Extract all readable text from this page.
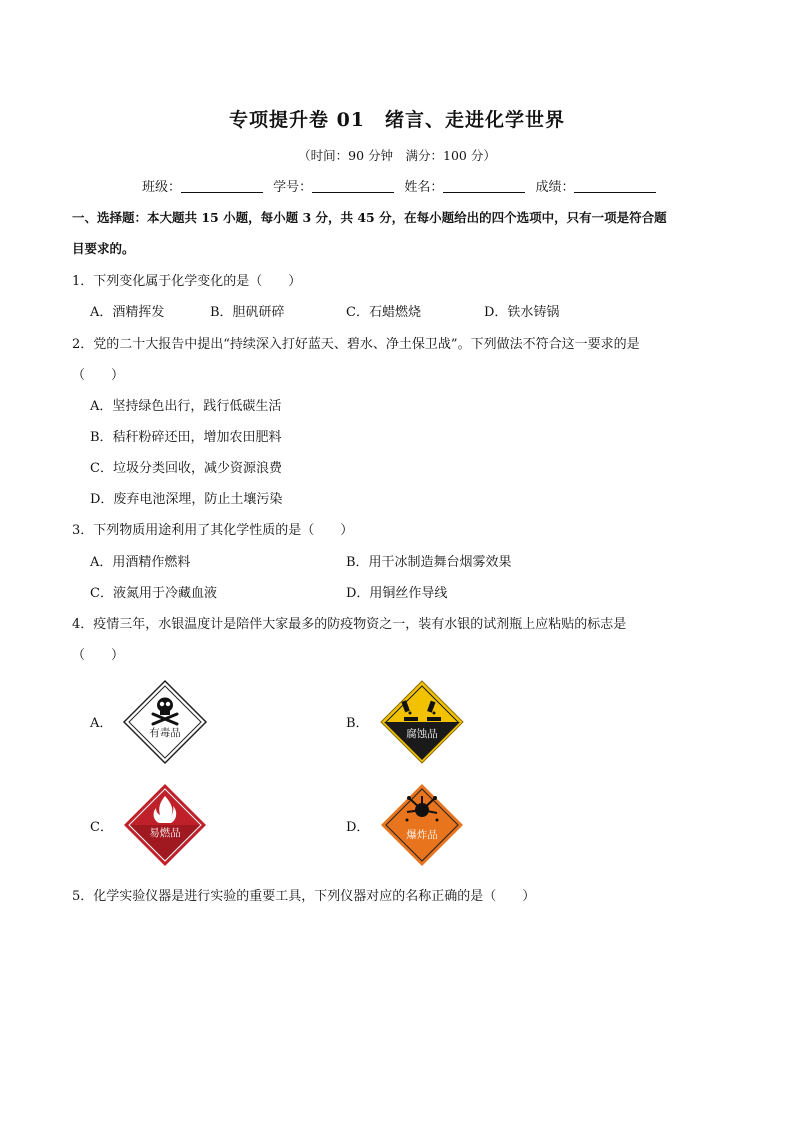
专项提升卷 01　绪言、走进化学世界
（时间：90 分钟　满分：100 分）
班级：	学号：	姓名：	成绩：
一、选择题：本大题共 15 小题，每小题 3 分，共 45 分，在每小题给出的四个选项中，只有一项是符合题
目要求的。
1．下列变化属于化学变化的是（　　）
A．酒精挥发	B．胆矾研碎	C．石蜡燃烧	D．铁水铸锅
2．党的二十大报告中提出“持续深入打好蓝天、碧水、净土保卫战”。下列做法不符合这一要求的是
（　　）
A．坚持绿色出行，践行低碳生活
B．秸秆粉碎还田，增加农田肥料
C．垃圾分类回收，减少资源浪费
D．废弃电池深埋，防止土壤污染
3．下列物质用途利用了其化学性质的是（　　）
A．用酒精作燃料	B．用干冰制造舞台烟雾效果
C．液氮用于冷藏血液	D．用铜丝作导线
4．疫情三年，水银温度计是陪伴大家最多的防疫物资之一，装有水银的试剂瓶上应粘贴的标志是
（　　）
A．	B．
C．	D．
有毒品	腐蚀品
易燃品	爆炸品
5．化学实验仪器是进行实验的重要工具，下列仪器对应的名称正确的是（　　）
